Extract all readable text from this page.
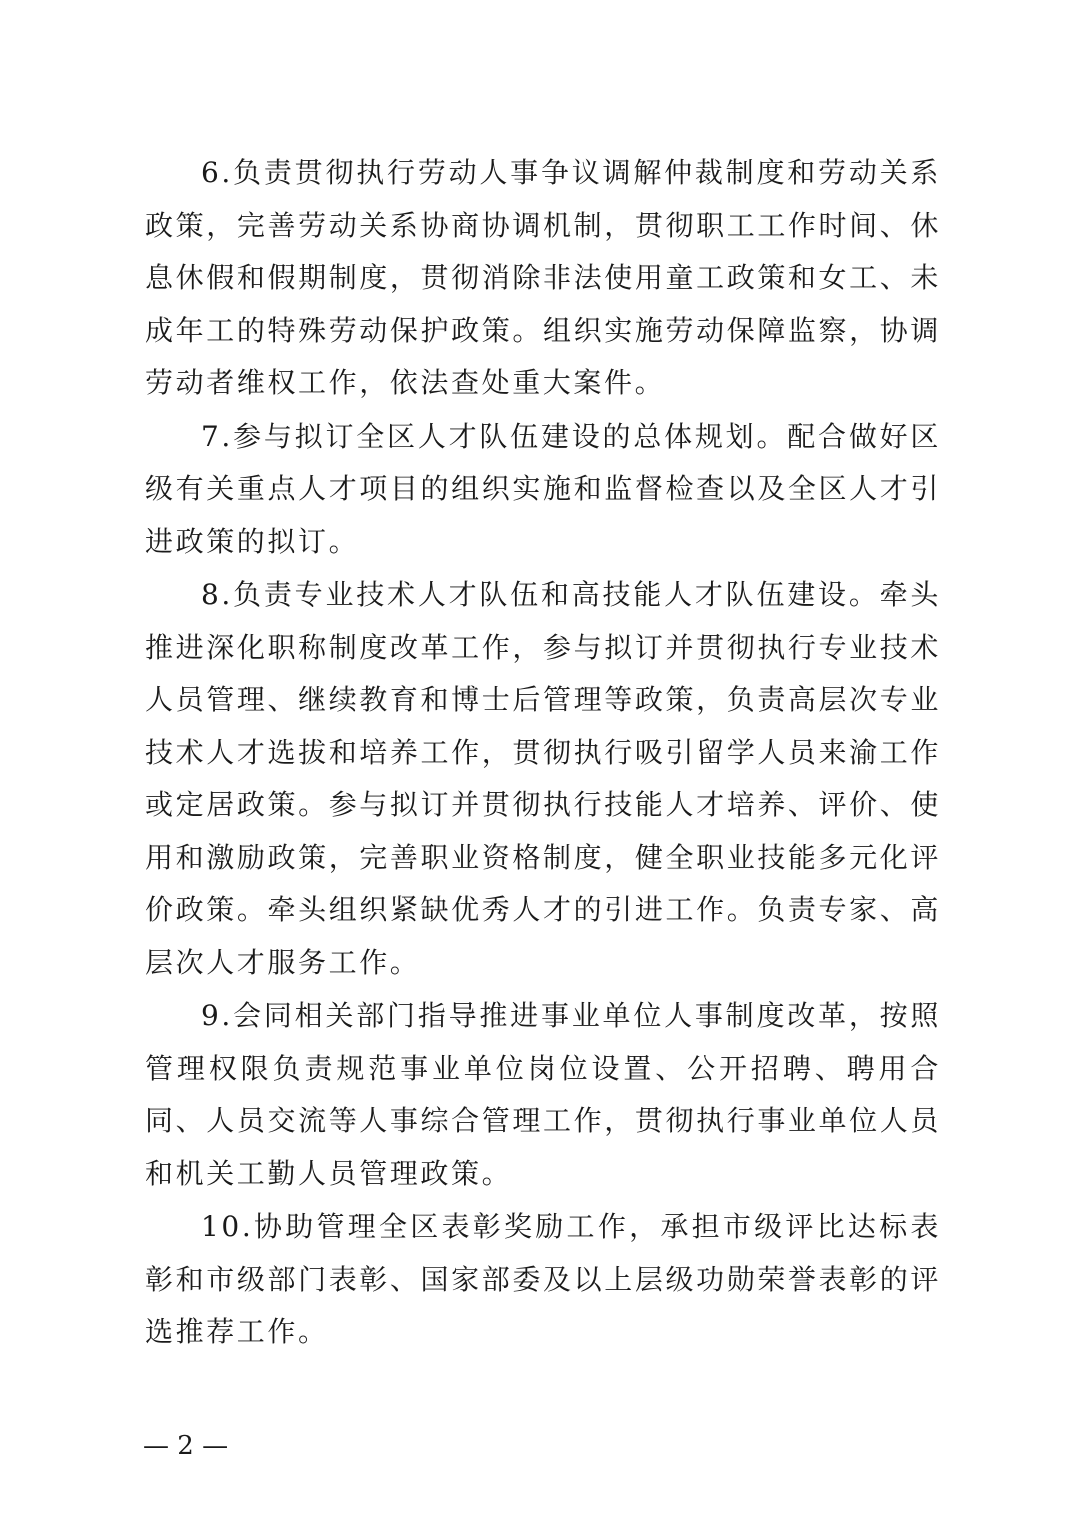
6.负责贯彻执行劳动人事争议调解仲裁制度和劳动关系政策，完善劳动关系协商协调机制，贯彻职工工作时间、休息休假和假期制度，贯彻消除非法使用童工政策和女工、未成年工的特殊劳动保护政策。组织实施劳动保障监察，协调劳动者维权工作，依法查处重大案件。

7.参与拟订全区人才队伍建设的总体规划。配合做好区级有关重点人才项目的组织实施和监督检查以及全区人才引进政策的拟订。

8.负责专业技术人才队伍和高技能人才队伍建设。牵头推进深化职称制度改革工作，参与拟订并贯彻执行专业技术人员管理、继续教育和博士后管理等政策，负责高层次专业技术人才选拔和培养工作，贯彻执行吸引留学人员来渝工作或定居政策。参与拟订并贯彻执行技能人才培养、评价、使用和激励政策，完善职业资格制度，健全职业技能多元化评价政策。牵头组织紧缺优秀人才的引进工作。负责专家、高层次人才服务工作。

9.会同相关部门指导推进事业单位人事制度改革，按照管理权限负责规范事业单位岗位设置、公开招聘、聘用合同、人员交流等人事综合管理工作，贯彻执行事业单位人员和机关工勤人员管理政策。

10.协助管理全区表彰奖励工作，承担市级评比达标表彰和市级部门表彰、国家部委及以上层级功勋荣誉表彰的评选推荐工作。

— 2 —
